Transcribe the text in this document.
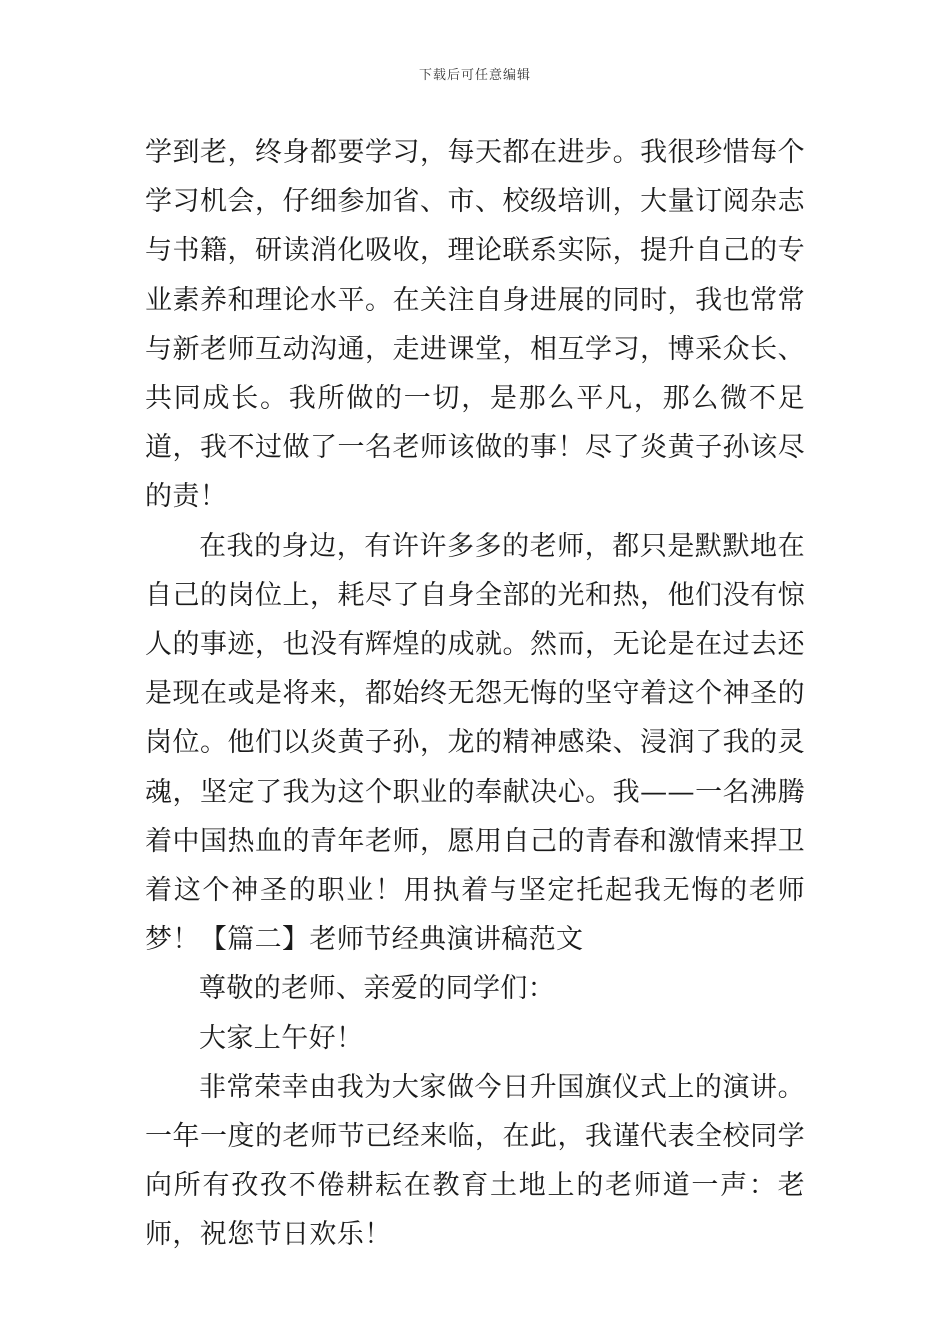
下载后可任意编辑

学到老，终身都要学习，每天都在进步。我很珍惜每个学习机会，仔细参加省、市、校级培训，大量订阅杂志与书籍，研读消化吸收，理论联系实际，提升自己的专业素养和理论水平。在关注自身进展的同时，我也常常与新老师互动沟通，走进课堂，相互学习，博采众长、共同成长。我所做的一切，是那么平凡，那么微不足道，我不过做了一名老师该做的事！尽了炎黄子孙该尽的责！

在我的身边，有许许多多的老师，都只是默默地在自己的岗位上，耗尽了自身全部的光和热，他们没有惊人的事迹，也没有辉煌的成就。然而，无论是在过去还是现在或是将来，都始终无怨无悔的坚守着这个神圣的岗位。他们以炎黄子孙，龙的精神感染、浸润了我的灵魂，坚定了我为这个职业的奉献决心。我——一名沸腾着中国热血的青年老师，愿用自己的青春和激情来捍卫着这个神圣的职业！用执着与坚定托起我无悔的老师梦！【篇二】老师节经典演讲稿范文

尊敬的老师、亲爱的同学们：

大家上午好！

非常荣幸由我为大家做今日升国旗仪式上的演讲。一年一度的老师节已经来临，在此，我谨代表全校同学向所有孜孜不倦耕耘在教育土地上的老师道一声：老师，祝您节日欢乐！
